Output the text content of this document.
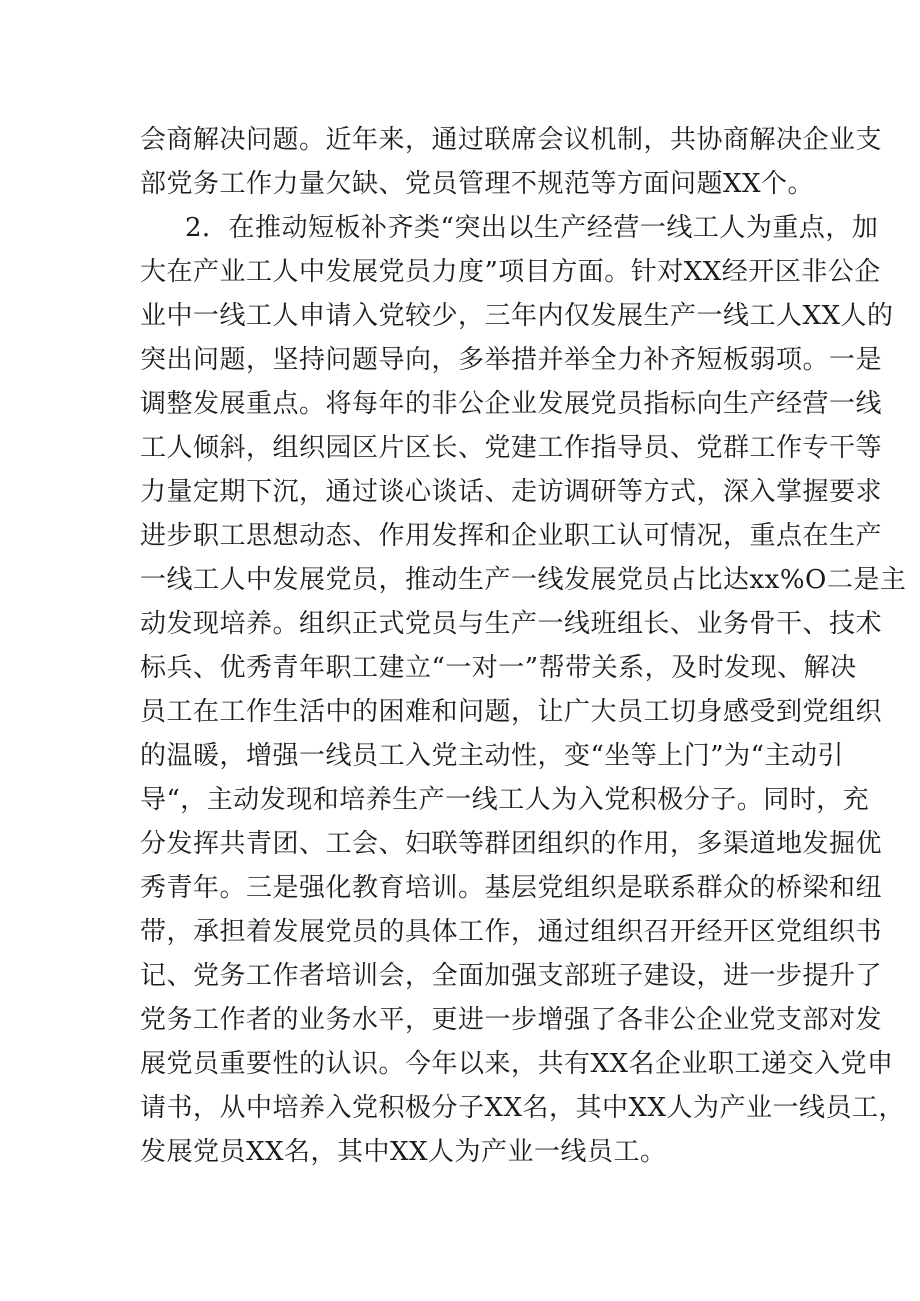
会商解决问题。近年来，通过联席会议机制，共协商解决企业支
部党务工作力量欠缺、党员管理不规范等方面问题XX个。
2．在推动短板补齐类“突出以生产经营一线工人为重点，加
大在产业工人中发展党员力度”项目方面。针对XX经开区非公企
业中一线工人申请入党较少，三年内仅发展生产一线工人XX人的
突出问题，坚持问题导向，多举措并举全力补齐短板弱项。一是
调整发展重点。将每年的非公企业发展党员指标向生产经营一线
工人倾斜，组织园区片区长、党建工作指导员、党群工作专干等
力量定期下沉，通过谈心谈话、走访调研等方式，深入掌握要求
进步职工思想动态、作用发挥和企业职工认可情况，重点在生产
一线工人中发展党员，推动生产一线发展党员占比达xx%O二是主
动发现培养。组织正式党员与生产一线班组长、业务骨干、技术
标兵、优秀青年职工建立“一对一”帮带关系，及时发现、解决
员工在工作生活中的困难和问题，让广大员工切身感受到党组织
的温暖，增强一线员工入党主动性，变“坐等上门”为“主动引
导“，主动发现和培养生产一线工人为入党积极分子。同时，充
分发挥共青团、工会、妇联等群团组织的作用，多渠道地发掘优
秀青年。三是强化教育培训。基层党组织是联系群众的桥梁和纽
带，承担着发展党员的具体工作，通过组织召开经开区党组织书
记、党务工作者培训会，全面加强支部班子建设，进一步提升了
党务工作者的业务水平，更进一步增强了各非公企业党支部对发
展党员重要性的认识。今年以来，共有XX名企业职工递交入党申
请书，从中培养入党积极分子XX名，其中XX人为产业一线员工，
发展党员XX名，其中XX人为产业一线员工。
